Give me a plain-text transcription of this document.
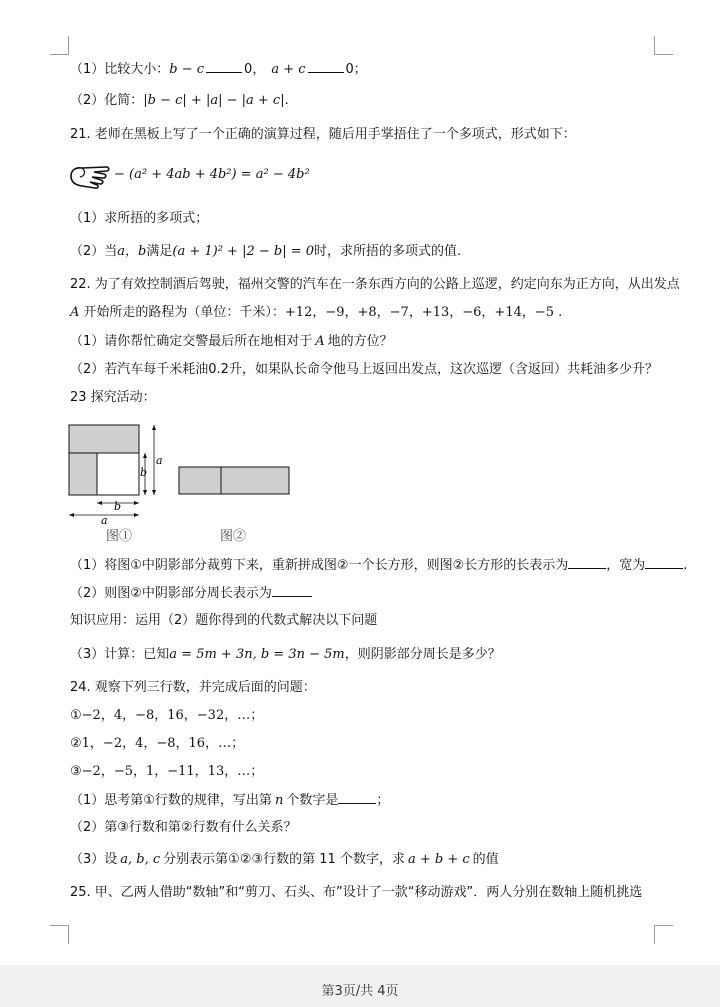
（1）比较大小：b − c	0， a + c	0；
（2）化简：|b − c| + |a| − |a + c|.
21. 老师在黑板上写了一个正确的演算过程，随后用手掌捂住了一个多项式，形式如下：
− (a² + 4ab + 4b²) = a² − 4b²
（1）求所捂的多项式；
（2）当a，b满足(a + 1)² + |2 − b| = 0时，求所捂的多项式的值.
22. 为了有效控制酒后驾驶，福州交警的汽车在一条东西方向的公路上巡逻，约定向东为正方向，从出发点
A 开始所走的路程为（单位：千米）：+12，−9，+8，−7，+13，−6，+14，−5 .
（1）请你帮忙确定交警最后所在地相对于 A 地的方位？
（2）若汽车每千米耗油0.2升，如果队长命令他马上返回出发点，这次巡逻（含返回）共耗油多少升？
23 探究活动：
a
b
b
a
图①	图②
（1）将图①中阴影部分裁剪下来，重新拼成图②一个长方形，则图②长方形的长表示为	，宽为	.
（2）则图②中阴影部分周长表示为
知识应用：运用（2）题你得到的代数式解决以下问题
（3）计算：已知a = 5m + 3n, b = 3n − 5m，则阴影部分周长是多少？
24. 观察下列三行数，并完成后面的问题：
①−2，4，−8，16，−32，…；
②1，−2，4，−8，16，…；
③−2，−5，1，−11，13，…；
（1）思考第①行数的规律，写出第 n 个数字是	；
（2）第③行数和第②行数有什么关系？
（3）设 a, b, c 分别表示第①②③行数的第 11 个数字，求 a + b + c 的值
25. 甲、乙两人借助“数轴”和“剪刀、石头、布”设计了一款“移动游戏”．两人分别在数轴上随机挑选
第3页/共 4页
